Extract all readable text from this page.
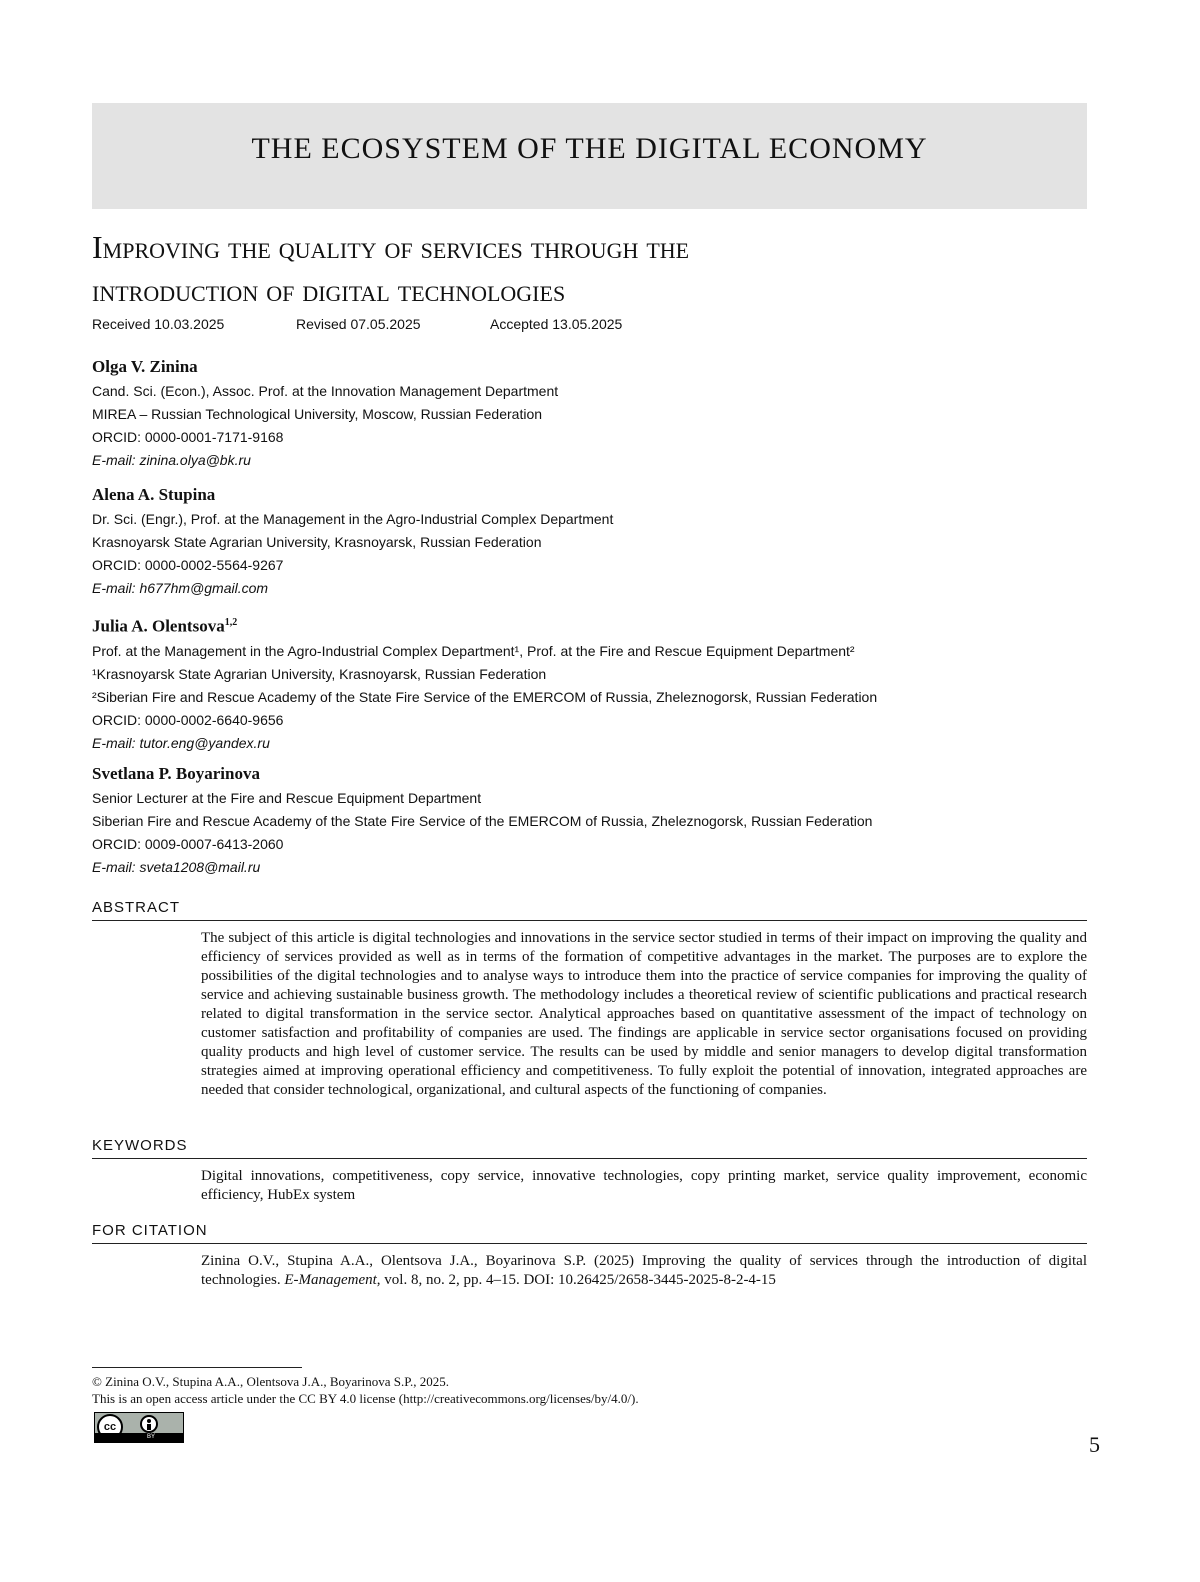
THE ECOSYSTEM OF THE DIGITAL ECONOMY
Improving the quality of services through the
introduction of digital technologies
Received 10.03.2025	Revised 07.05.2025	Accepted 13.05.2025
Olga V. Zinina
Cand. Sci. (Econ.), Assoc. Prof. at the Innovation Management Department
MIREA – Russian Technological University, Moscow, Russian Federation
ORCID: 0000-0001-7171-9168
E-mail: zinina.olya@bk.ru
Alena A. Stupina
Dr. Sci. (Engr.), Prof. at the Management in the Agro-Industrial Complex Department
Krasnoyarsk State Agrarian University, Krasnoyarsk, Russian Federation
ORCID: 0000-0002-5564-9267
E-mail: h677hm@gmail.com
Julia A. Olentsova$^{1,2}$
Prof. at the Management in the Agro-Industrial Complex Department¹, Prof. at the Fire and Rescue Equipment Department²
¹Krasnoyarsk State Agrarian University, Krasnoyarsk, Russian Federation
²Siberian Fire and Rescue Academy of the State Fire Service of the EMERCOM of Russia, Zheleznogorsk, Russian Federation
ORCID: 0000-0002-6640-9656
E-mail: tutor.eng@yandex.ru
Svetlana P. Boyarinova
Senior Lecturer at the Fire and Rescue Equipment Department
Siberian Fire and Rescue Academy of the State Fire Service of the EMERCOM of Russia, Zheleznogorsk, Russian Federation
ORCID: 0009-0007-6413-2060
E-mail: sveta1208@mail.ru
ABSTRACT
The subject of this article is digital technologies and innovations in the service sector studied in terms of their impact on improving the quality and efficiency of services provided as well as in terms of the formation of competitive advantages in the market. The purposes are to explore the possibilities of the digital technologies and to analyse ways to introduce them into the practice of service companies for improving the quality of service and achieving sustainable business growth. The methodology includes a theoretical review of scientific publications and practical research related to digital transformation in the service sector. Analytical approaches based on quantitative assessment of the impact of technology on customer satisfaction and profitability of companies are used. The findings are applicable in service sector organisations focused on providing quality products and high level of customer service. The results can be used by middle and senior managers to develop digital transformation strategies aimed at improving operational efficiency and competitiveness. To fully exploit the potential of innovation, integrated approaches are needed that consider technological, organizational, and cultural aspects of the functioning of companies.
KEYWORDS
Digital innovations, competitiveness, copy service, innovative technologies, copy printing market, service quality improvement, economic efficiency, HubEx system
FOR CITATION
Zinina O.V., Stupina A.A., Olentsova J.A., Boyarinova S.P. (2025) Improving the quality of services through the introduction of digital technologies. E-Management, vol. 8, no. 2, pp. 4–15. DOI: 10.26425/2658-3445-2025-8-2-4-15
© Zinina O.V., Stupina A.A., Olentsova J.A., Boyarinova S.P., 2025.
This is an open access article under the CC BY 4.0 license (http://creativecommons.org/licenses/by/4.0/).
cc
BY	5
